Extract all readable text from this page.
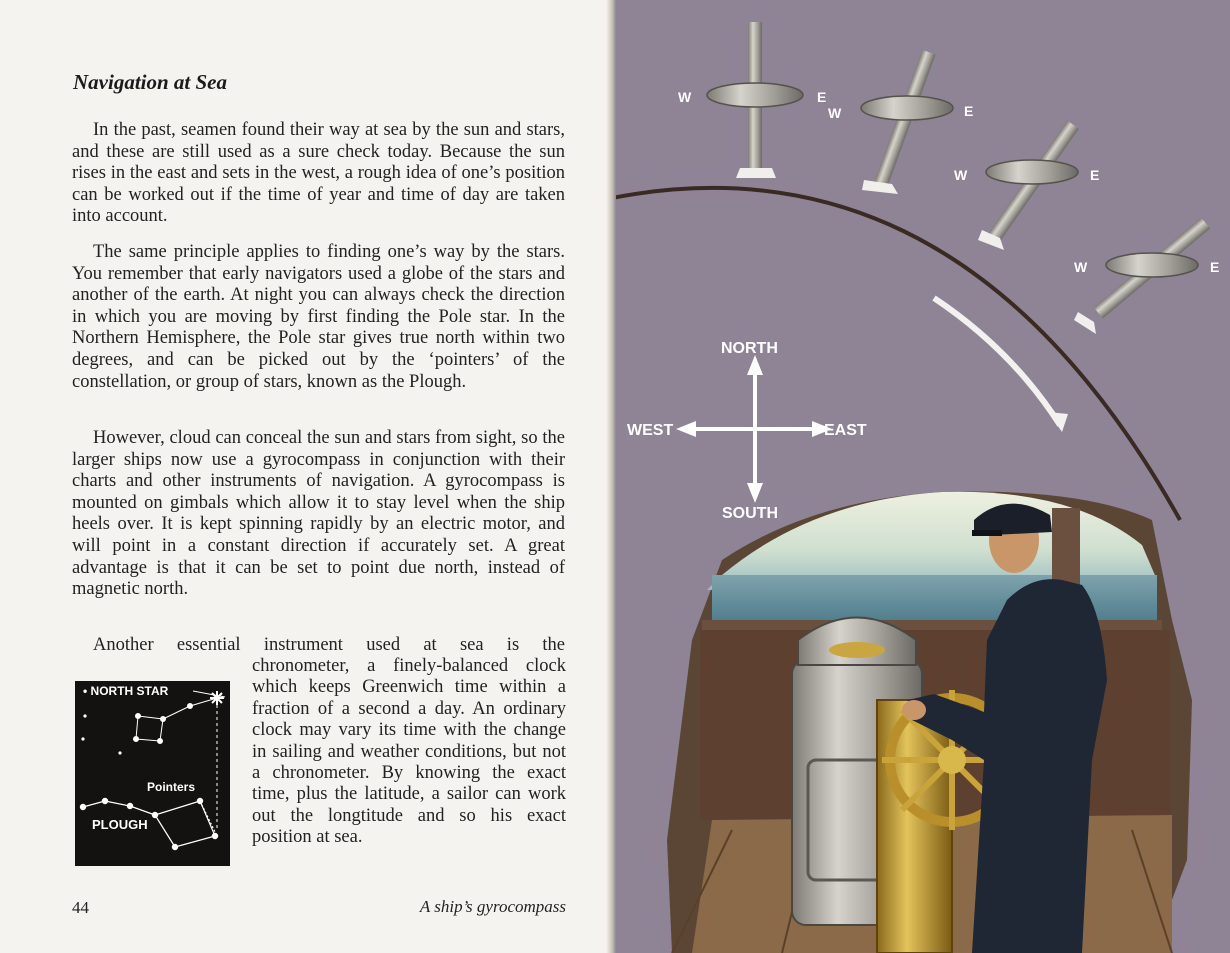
Navigation at Sea

In the past, seamen found their way at sea by the sun and stars, and these are still used as a sure check today. Because the sun rises in the east and sets in the west, a rough idea of one’s position can be worked out if the time of year and time of day are taken into account.

The same principle applies to finding one’s way by the stars. You remember that early navigators used a globe of the stars and another of the earth. At night you can always check the direction in which you are moving by first finding the Pole star. In the Northern Hemisphere, the Pole star gives true north within two degrees, and can be picked out by the ‘pointers’ of the constellation, or group of stars, known as the Plough.

However, cloud can conceal the sun and stars from sight, so the larger ships now use a gyrocompass in conjunction with their charts and other instruments of navigation. A gyrocompass is mounted on gimbals which allow it to stay level when the ship heels over. It is kept spinning rapidly by an electric motor, and will point in a constant direction if accurately set. A great advantage is that it can be set to point due north, instead of magnetic north.

Another essential instrument used at sea is the

chronometer, a finely-balanced clock which keeps Greenwich time within a fraction of a second a day. An ordinary clock may vary its time with the change in sailing and weather conditions, but not a chronometer. By knowing the exact time, plus the latitude, a sailor can work out the longtitude and so his exact position at sea.

• NORTH STAR
Pointers
PLOUGH
44	A ship’s gyrocompass
W	E
W	E
W	E
W	E
NORTH
SOUTH
WEST	EAST
